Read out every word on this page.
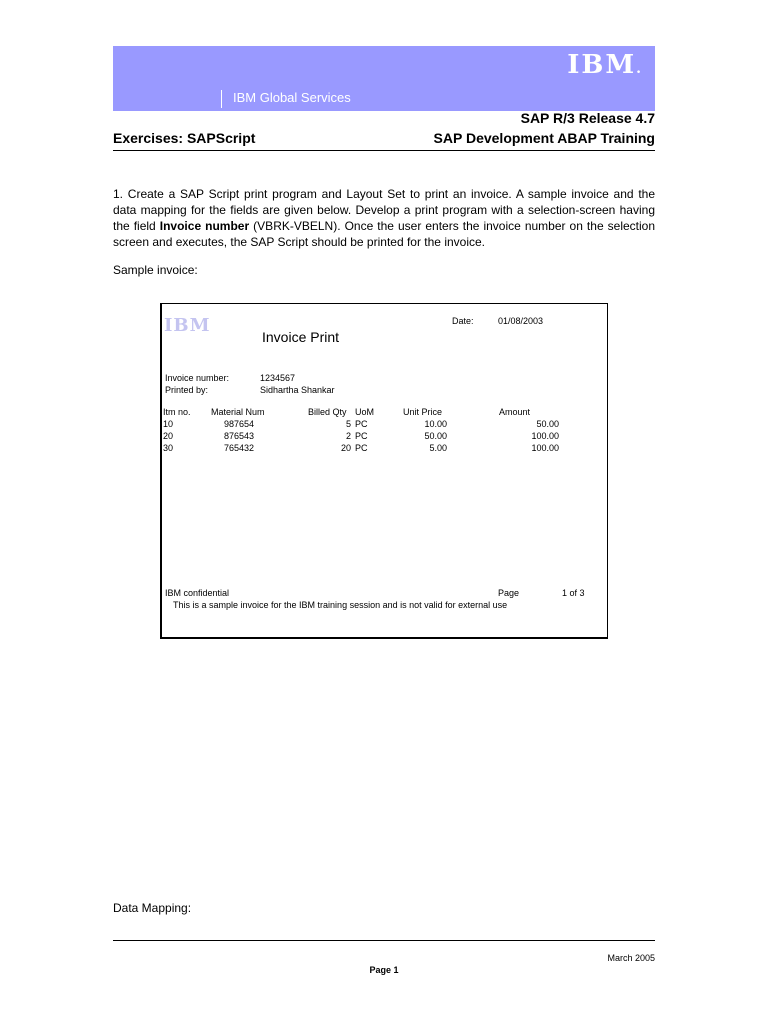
IBM.
IBM Global Services
SAP R/3 Release 4.7
Exercises: SAPScript	SAP Development ABAP Training
1. Create a SAP Script print program and Layout Set to print an invoice. A sample invoice and the data mapping for the fields are given below. Develop a print program with a selection-screen having the field Invoice number (VBRK-VBELN). Once the user enters the invoice number on the selection screen and executes, the SAP Script should be printed for the invoice.
Sample invoice:
IBM
Invoice Print
Date:	01/08/2003
Invoice number:	1234567
Printed by:	Sidhartha Shankar
Itm no. Material Num	Billed Qty UoM	Unit Price	Amount
10	987654	5 PC	10.00	50.00
20	876543	2 PC	50.00	100.00
30	765432	20 PC	5.00	100.00
IBM confidential	Page	1 of 3
This is a sample invoice for the IBM training session and is not valid for external use
Data Mapping:
March 2005
Page 1
